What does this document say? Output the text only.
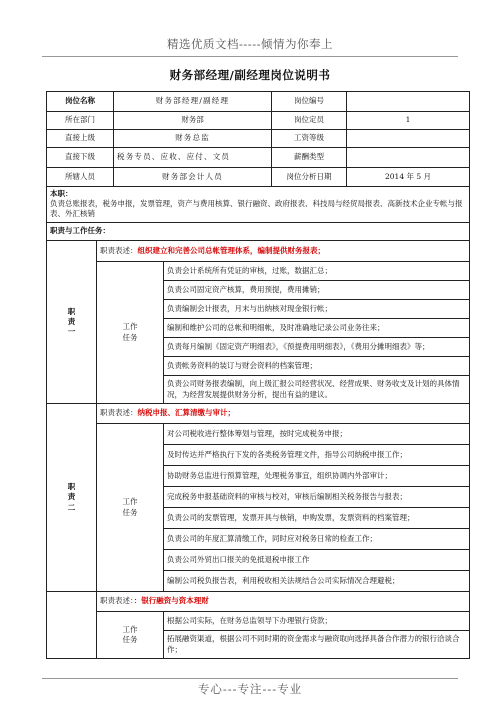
精选优质文档-----倾情为你奉上
财务部经理/副经理岗位说明书
岗位名称		财务部经理/副经理		岗位编号	
所在部门		财务部		岗位定员	1
直接上级		财务总监		工资等级	
直接下级		税务专员、应收、应付、文员		薪酬类型	
所辖人员		财务部会计人员		岗位分析日期	2014 年 5 月

本职：
负责总账报表，税务申报，发票管理，资产与费用核算、银行融资、政府报表、科技局与经贸局报表、高新技术企业专帐与报表、外汇核销					

职责与工作任务：					

职
责
一	职责表述：组织建立和完善公司总帐管理体系，编制提供财务报表；				

	工作
任务		负责会计系统所有凭证的审核，过账，数据汇总；		
			负责公司固定资产核算，费用预提，费用摊销；		
			负责编制会计报表，月末与出纳核对现金银行帐；		
			编制和维护公司的总帐和明细帐，及时准确地记录公司业务往来；		
			负责每月编制《固定资产明细表》，《预提费用明细表》，《费用分摊明细表》等；		
			负责帐务资料的装订与财会资料的档案管理；		
			负责公司财务报表编制，向上级汇报公司经营状况、经营成果、财务收支及计划的具体情况，为经营发展提供财务分析，提出有益的建议。		

职
责
二	职责表述：纳税申报、汇算清缴与审计；				

	工作
任务		对公司税收进行整体筹划与管理，按时完成税务申报；		
			及时传达并严格执行下发的各类税务管理文件，指导公司纳税申报工作；		
			协助财务总监进行预算管理，处理税务事宜，组织协调内外部审计；		
			完成税务申报基础资料的审核与校对，审核后编制相关税务报告与报表；		
			负责公司的发票管理，发票开具与核销，申购发票，发票资料的档案管理；		
			负责公司的年度汇算清缴工作，同时应对税务日常的检查工作；		
			负责公司外贸出口报关的免抵退税申报工作		
			编制公司税负报告表，利用税收相关法规结合公司实际情况合理避税；		
	职责表述：：银行融资与资本理财				

	工作
任务		根据公司实际，在财务总监领导下办理银行贷款；		
			拓展融资渠道，根据公司不同时期的资金需求与融资取向选择具备合作潜力的银行洽谈合作；		
专心---专注---专业
